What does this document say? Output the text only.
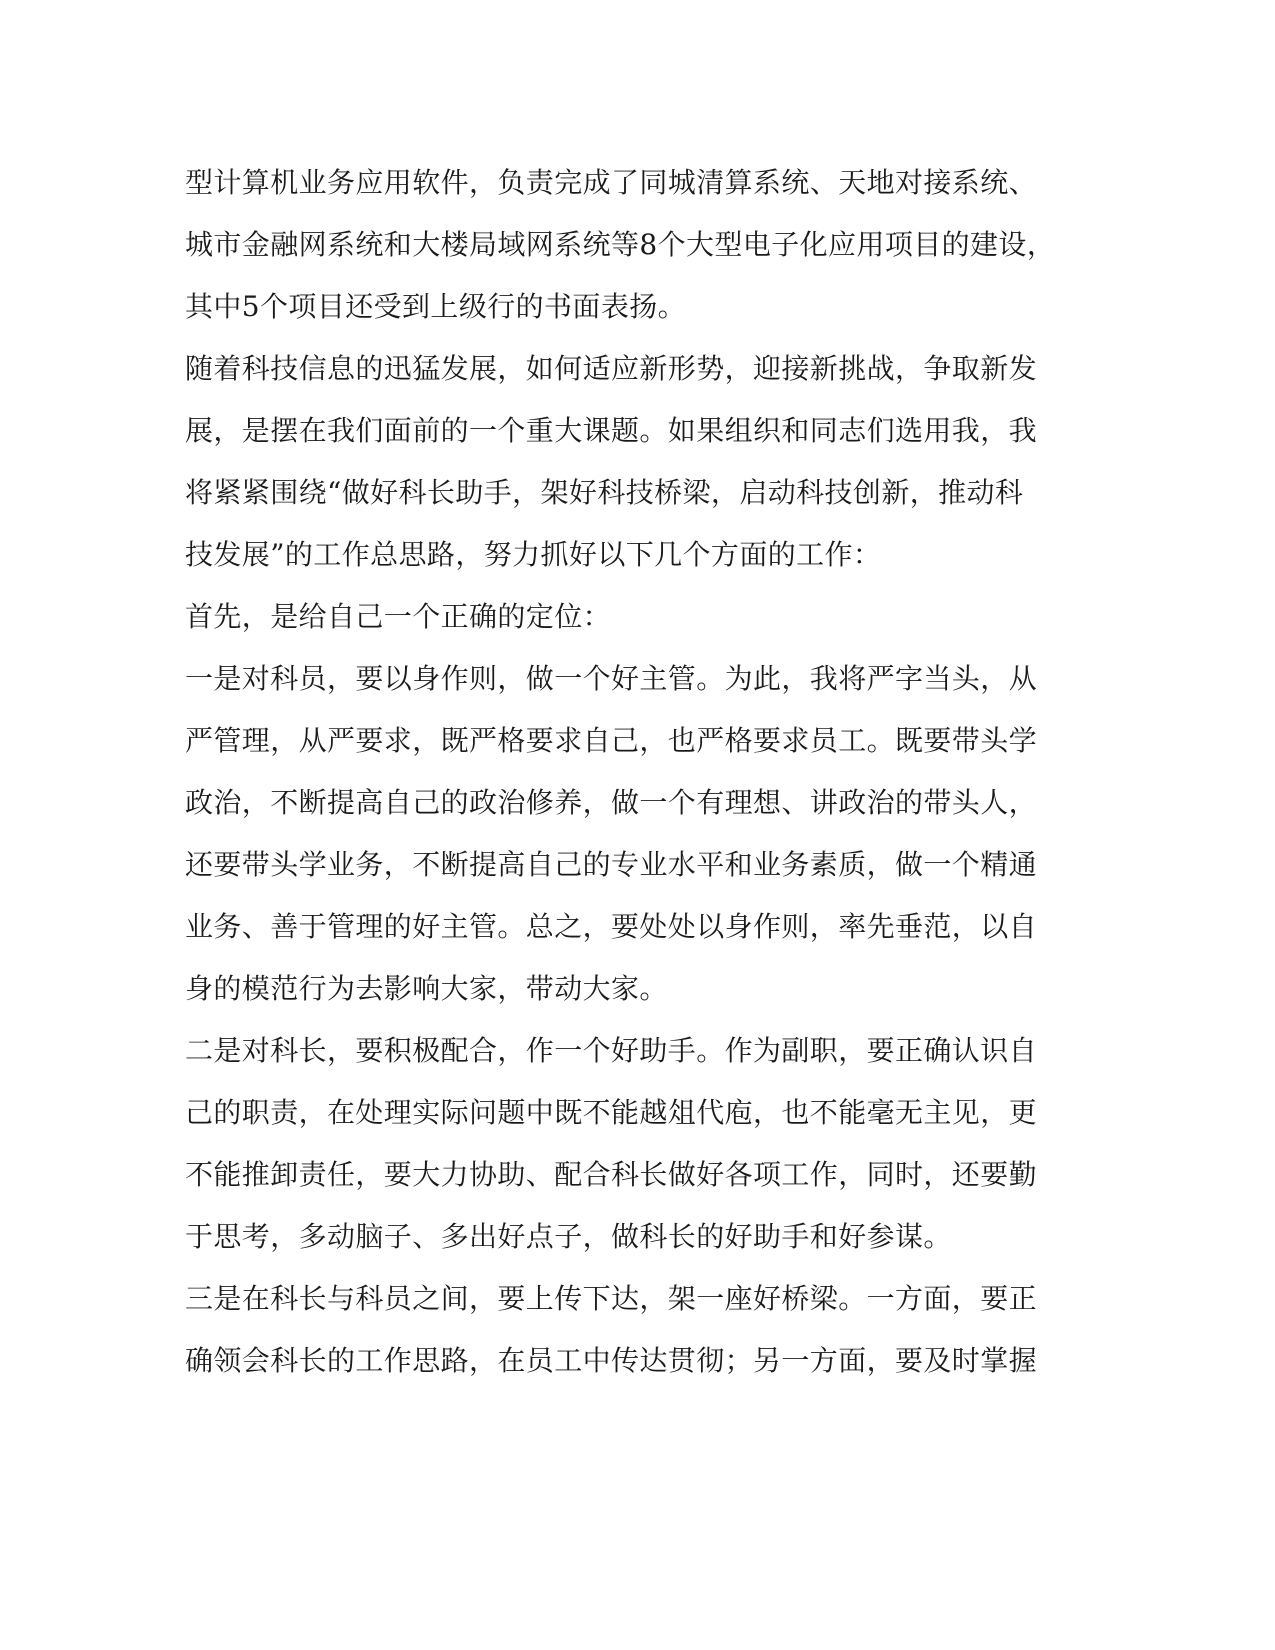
型计算机业务应用软件，负责完成了同城清算系统、天地对接系统、
城市金融网系统和大楼局域网系统等8个大型电子化应用项目的建设，
其中5个项目还受到上级行的书面表扬。
随着科技信息的迅猛发展，如何适应新形势，迎接新挑战，争取新发
展，是摆在我们面前的一个重大课题。如果组织和同志们选用我，我
将紧紧围绕“做好科长助手，架好科技桥梁，启动科技创新，推动科
技发展”的工作总思路，努力抓好以下几个方面的工作：
首先，是给自己一个正确的定位：
一是对科员，要以身作则，做一个好主管。为此，我将严字当头，从
严管理，从严要求，既严格要求自己，也严格要求员工。既要带头学
政治，不断提高自己的政治修养，做一个有理想、讲政治的带头人，
还要带头学业务，不断提高自己的专业水平和业务素质，做一个精通
业务、善于管理的好主管。总之，要处处以身作则，率先垂范，以自
身的模范行为去影响大家，带动大家。
二是对科长，要积极配合，作一个好助手。作为副职，要正确认识自
己的职责，在处理实际问题中既不能越俎代庖，也不能毫无主见，更
不能推卸责任，要大力协助、配合科长做好各项工作，同时，还要勤
于思考，多动脑子、多出好点子，做科长的好助手和好参谋。
三是在科长与科员之间，要上传下达，架一座好桥梁。一方面，要正
确领会科长的工作思路，在员工中传达贯彻；另一方面，要及时掌握
